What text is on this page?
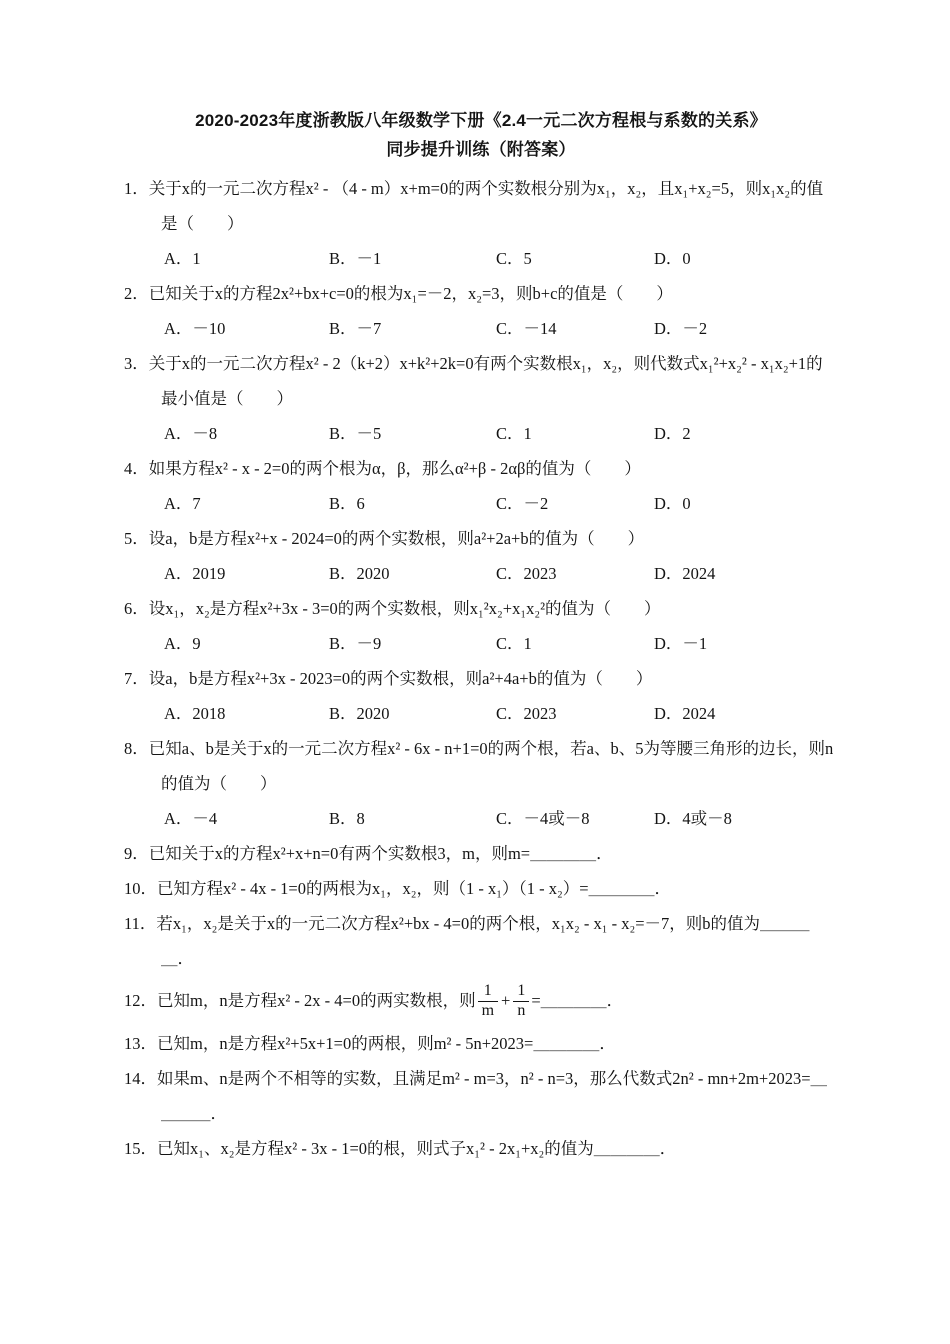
2020-2023年度浙教版八年级数学下册《2.4一元二次方程根与系数的关系》
同步提升训练（附答案）
1．关于x的一元二次方程x² - （4 - m）x+m=0的两个实数根分别为x₁，x₂，且x₁+x₂=5，则x₁x₂的值是（　　）
A．1	B．－1	C．5	D．0
2．已知关于x的方程2x²+bx+c=0的根为x₁=－2，x₂=3，则b+c的值是（　　）
A．－10	B．－7	C．－14	D．－2
3．关于x的一元二次方程x² - 2（k+2）x+k²+2k=0有两个实数根x₁，x₂，则代数式x₁²+x₂² - x₁x₂+1的最小值是（　　）
A．－8	B．－5	C．1	D．2
4．如果方程x² - x - 2=0的两个根为α，β，那么α²+β - 2αβ的值为（　　）
A．7	B．6	C．－2	D．0
5．设a，b是方程x²+x - 2024=0的两个实数根，则a²+2a+b的值为（　　）
A．2019	B．2020	C．2023	D．2024
6．设x₁，x₂是方程x²+3x - 3=0的两个实数根，则x₁²x₂+x₁x₂²的值为（　　）
A．9	B．－9	C．1	D．－1
7．设a，b是方程x²+3x - 2023=0的两个实数根，则a²+4a+b的值为（　　）
A．2018	B．2020	C．2023	D．2024
8．已知a、b是关于x的一元二次方程x² - 6x - n+1=0的两个根，若a、b、5为等腰三角形的边长，则n的值为（　　）
A．－4	B．8	C．－4或－8	D．4或－8
9．已知关于x的方程x²+x+n=0有两个实数根3，m，则m=＿＿＿＿．
10．已知方程x² - 4x - 1=0的两根为x₁，x₂，则（1 - x₁）（1 - x₂）=＿＿＿＿．
11．若x₁，x₂是关于x的一元二次方程x²+bx - 4=0的两个根，x₁x₂ - x₁ - x₂=－7，则b的值为＿＿＿＿．
12．已知m，n是方程x² - 2x - 4=0的两实数根，则 $\frac{1}{m} + \frac{1}{n}$ =＿＿＿＿．
13．已知m，n是方程x²+5x+1=0的两根，则m² - 5n+2023=＿＿＿＿．
14．如果m、n是两个不相等的实数，且满足m² - m=3，n² - n=3，那么代数式2n² - mn+2m+2023=＿＿＿＿．
15．已知x₁、x₂是方程x² - 3x - 1=0的根，则式子x₁² - 2x₁+x₂的值为＿＿＿＿．
